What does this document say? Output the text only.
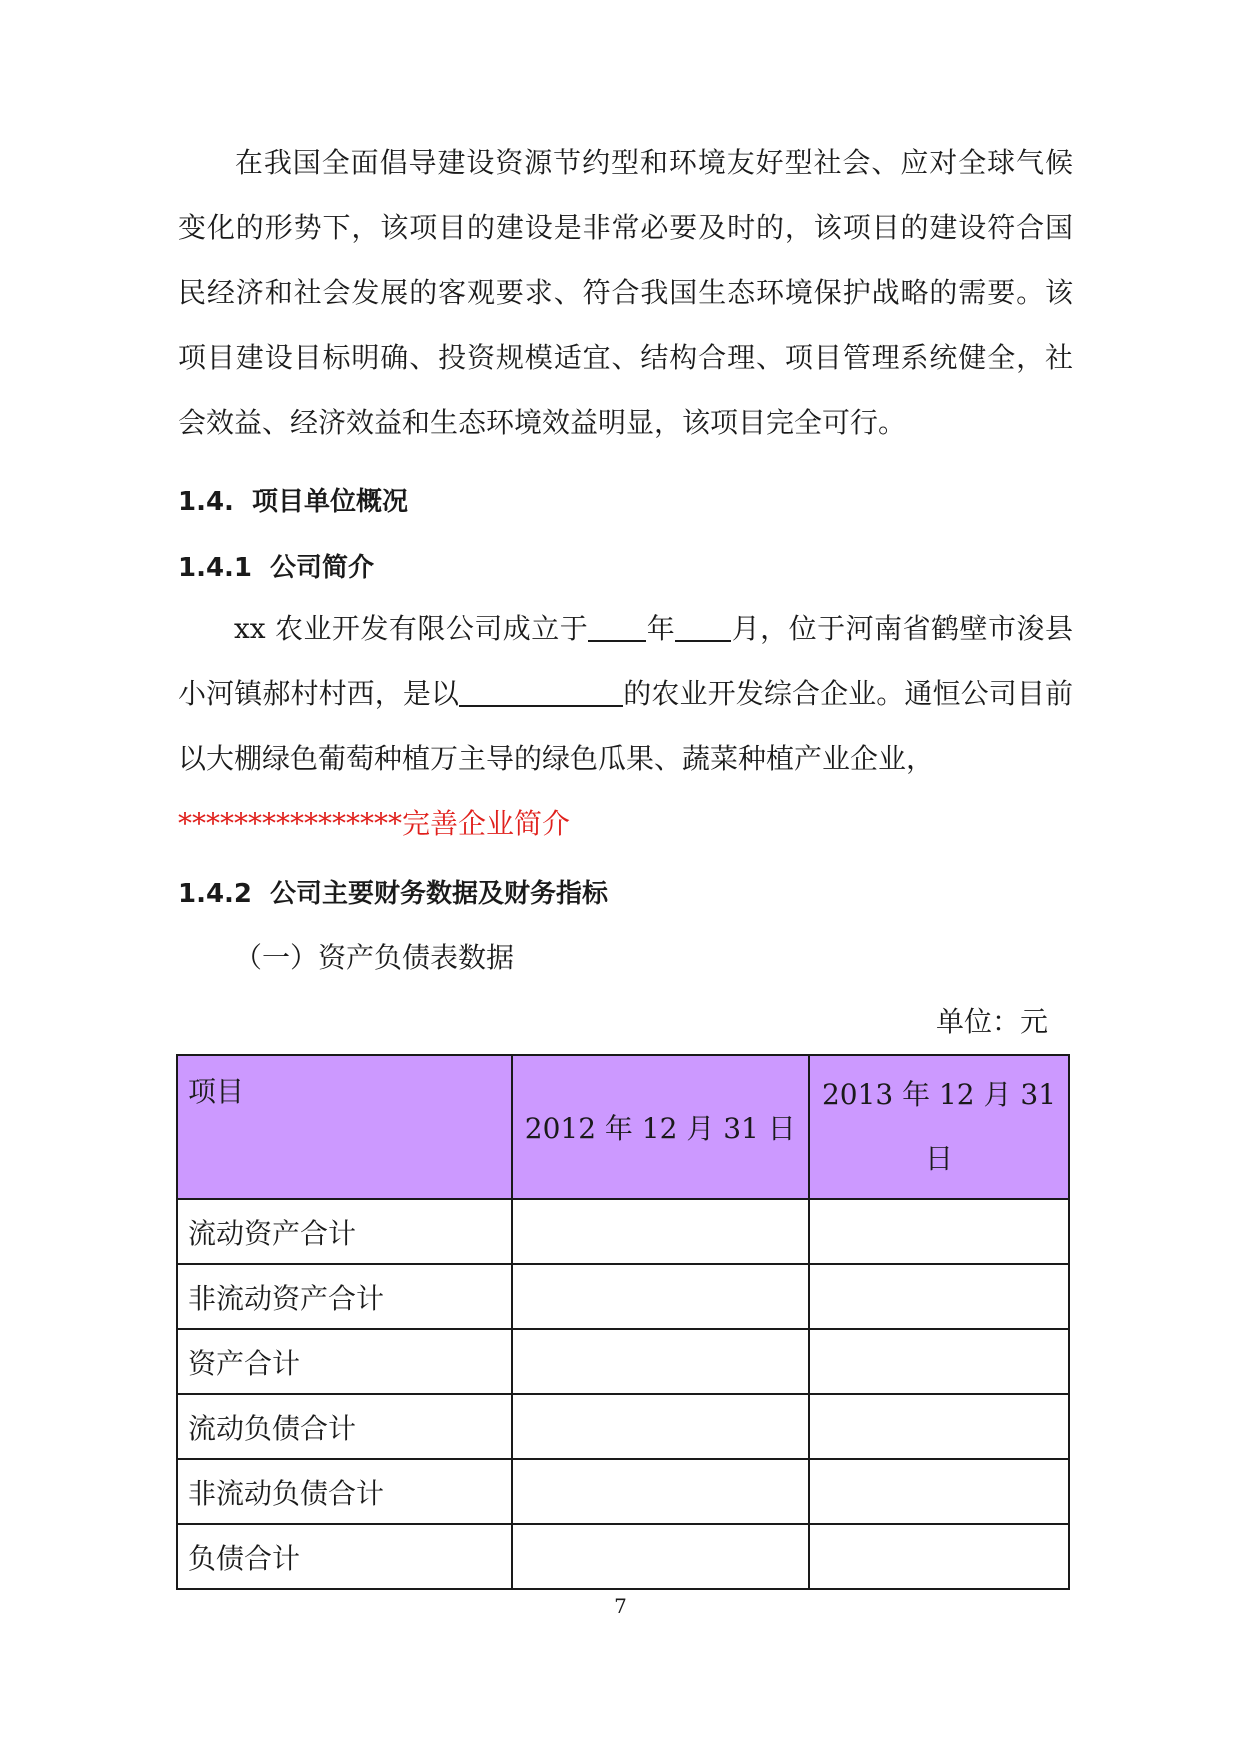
在我国全面倡导建设资源节约型和环境友好型社会、应对全球气候变化的形势下，该项目的建设是非常必要及时的，该项目的建设符合国民经济和社会发展的客观要求、符合我国生态环境保护战略的需要。该项目建设目标明确、投资规模适宜、结构合理、项目管理系统健全，社会效益、经济效益和生态环境效益明显，该项目完全可行。

1.4. 项目单位概况
1.4.1 公司简介

xx 农业开发有限公司成立于 年 月，位于河南省鹤壁市浚县小河镇郝村村西，是以	的农业开发综合企业。通恒公司目前以大棚绿色葡萄种植万主导的绿色瓜果、蔬菜种植产业企业，
****************完善企业简介

1.4.2 公司主要财务数据及财务指标
（一）资产负债表数据
单位：元
项目	2012 年 12 月 31 日	2013 年 12 月 31 日
流动资产合计		
非流动资产合计		
资产合计		
流动负债合计		
非流动负债合计		
负债合计		
7
